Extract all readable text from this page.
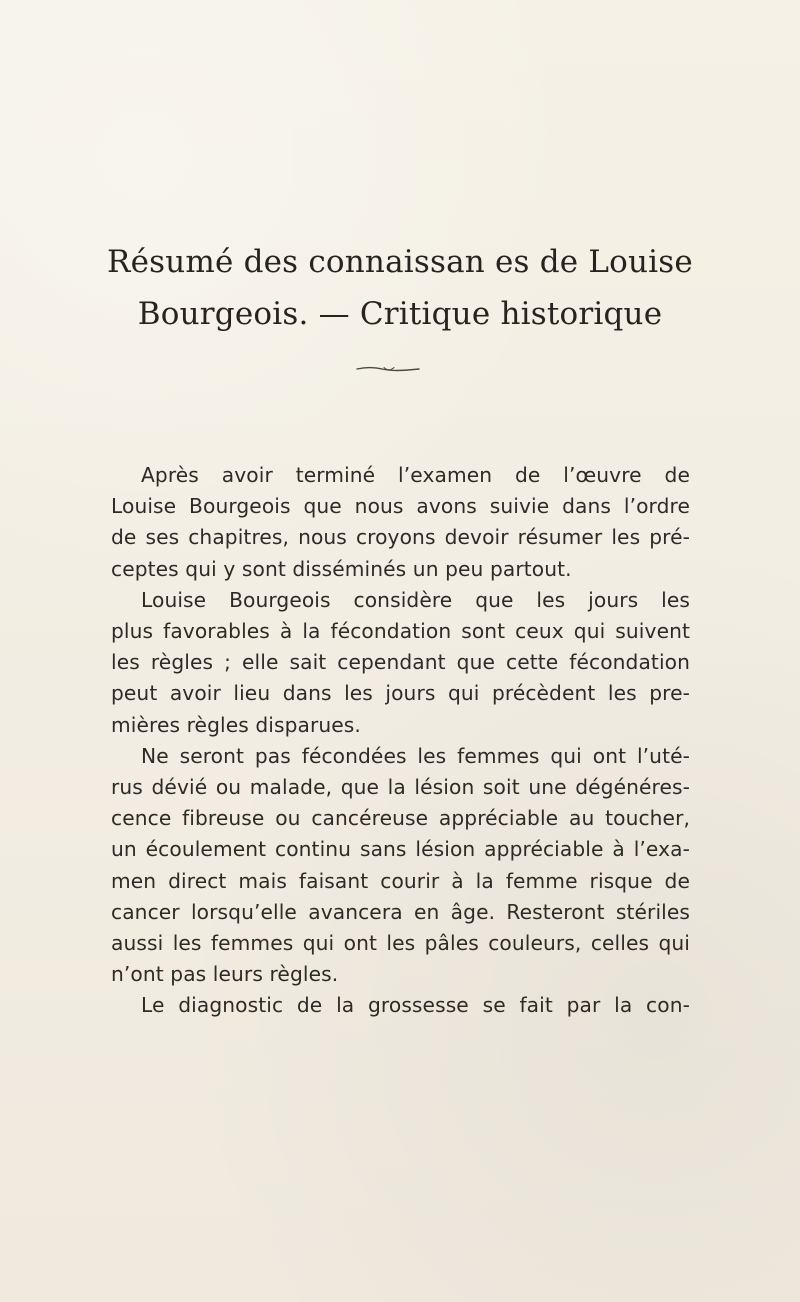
Résumé des connaissan es de Louise
Bourgeois. — Critique historique
Après avoir terminé l’examen de l’œuvre de
Louise Bourgeois que nous avons suivie dans l’ordre
de ses chapitres, nous croyons devoir résumer les pré-
ceptes qui y sont disséminés un peu partout.
Louise Bourgeois considère que les jours les
plus favorables à la fécondation sont ceux qui suivent
les règles ; elle sait cependant que cette fécondation
peut avoir lieu dans les jours qui précèdent les pre-
mières règles disparues.
Ne seront pas fécondées les femmes qui ont l’uté-
rus dévié ou malade, que la lésion soit une dégénéres-
cence fibreuse ou cancéreuse appréciable au toucher,
un écoulement continu sans lésion appréciable à l’exa-
men direct mais faisant courir à la femme risque de
cancer lorsqu’elle avancera en âge. Resteront stériles
aussi les femmes qui ont les pâles couleurs, celles qui
n’ont pas leurs règles.
Le diagnostic de la grossesse se fait par la con-
